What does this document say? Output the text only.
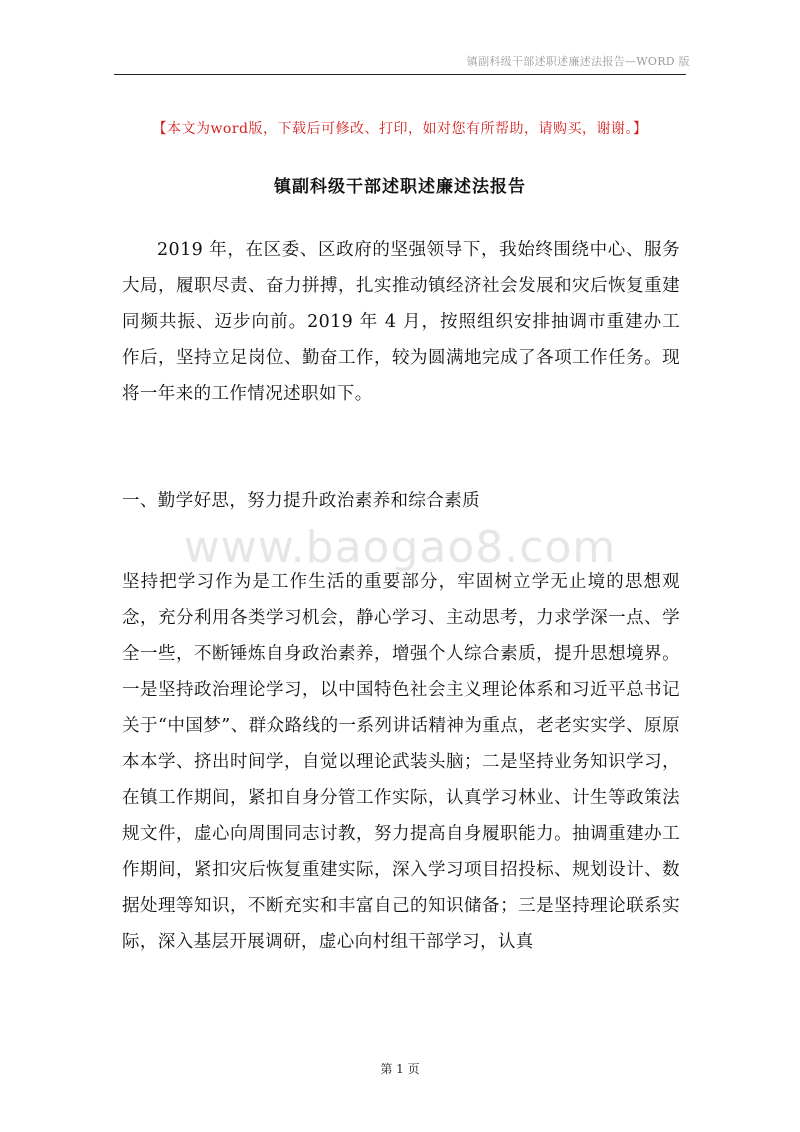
镇副科级干部述职述廉述法报告—WORD 版
【本文为word版，下载后可修改、打印，如对您有所帮助，请购买，谢谢。】
镇副科级干部述职述廉述法报告

2019 年，在区委、区政府的坚强领导下，我始终围绕中心、服务大局，履职尽责、奋力拼搏，扎实推动镇经济社会发展和灾后恢复重建同频共振、迈步向前。2019 年 4 月，按照组织安排抽调市重建办工作后，坚持立足岗位、勤奋工作，较为圆满地完成了各项工作任务。现将一年来的工作情况述职如下。

一、勤学好思，努力提升政治素养和综合素质
www.baogao8.com

坚持把学习作为是工作生活的重要部分，牢固树立学无止境的思想观念，充分利用各类学习机会，静心学习、主动思考，力求学深一点、学全一些，不断锤炼自身政治素养，增强个人综合素质，提升思想境界。一是坚持政治理论学习，以中国特色社会主义理论体系和习近平总书记关于“中国梦”、群众路线的一系列讲话精神为重点，老老实实学、原原本本学、挤出时间学，自觉以理论武装头脑；二是坚持业务知识学习，在镇工作期间，紧扣自身分管工作实际，认真学习林业、计生等政策法规文件，虚心向周围同志讨教，努力提高自身履职能力。抽调重建办工作期间，紧扣灾后恢复重建实际，深入学习项目招投标、规划设计、数据处理等知识，不断充实和丰富自己的知识储备；三是坚持理论联系实际，深入基层开展调研，虚心向村组干部学习，认真

第 1 页
